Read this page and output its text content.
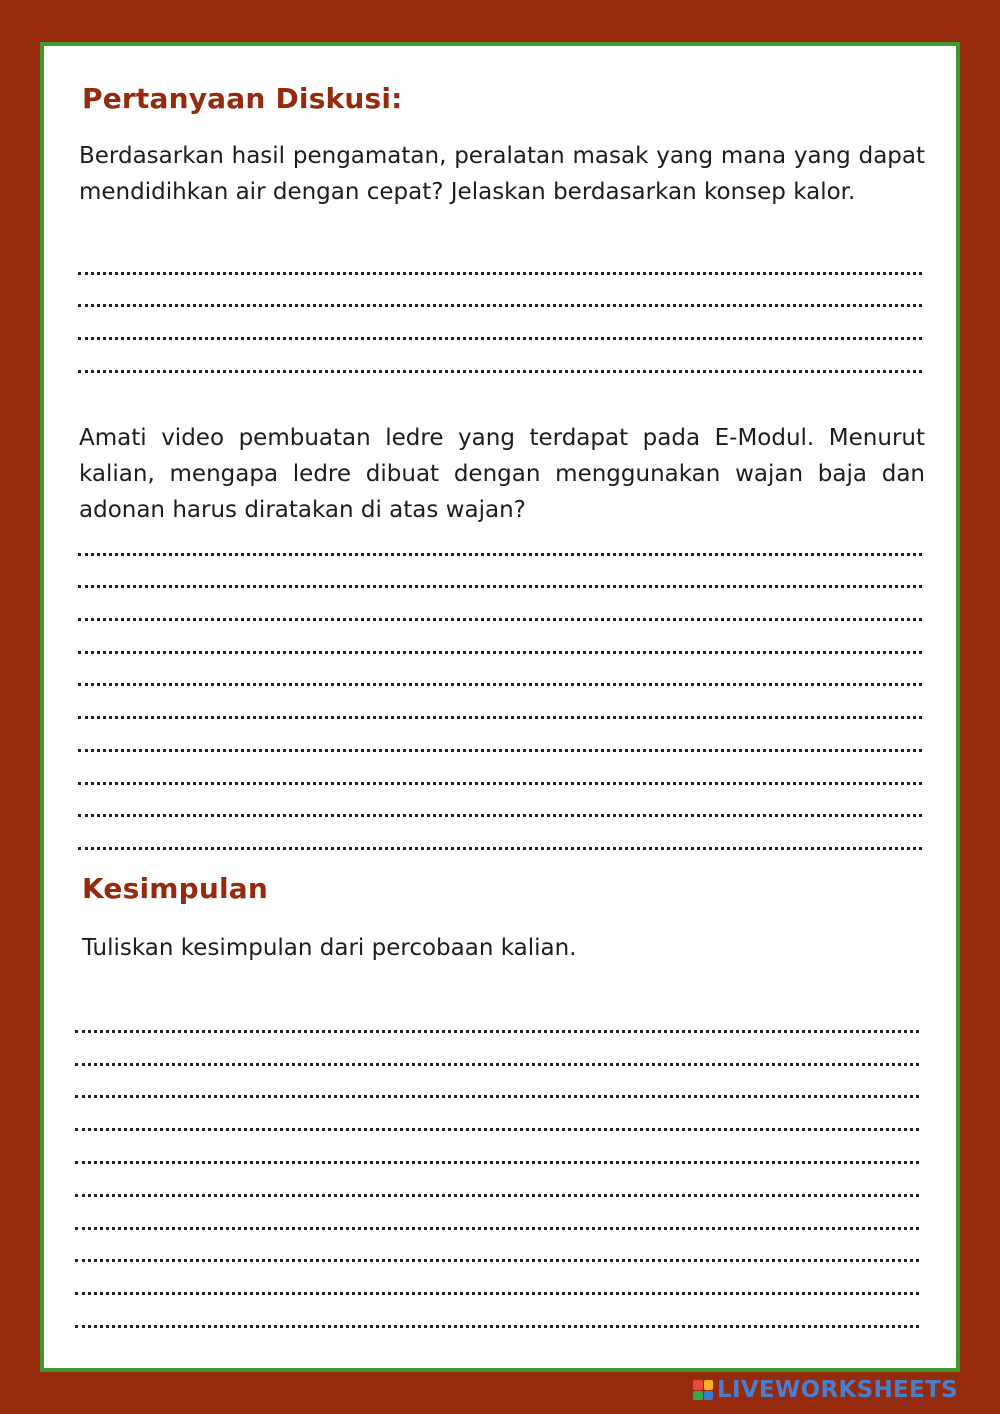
Pertanyaan Diskusi:

Berdasarkan hasil pengamatan, peralatan masak yang mana yang dapat mendidihkan air dengan cepat? Jelaskan berdasarkan konsep kalor.

Amati video pembuatan ledre yang terdapat pada E-Modul. Menurut kalian, mengapa ledre dibuat dengan menggunakan wajan baja dan adonan harus diratakan di atas wajan?

Kesimpulan

Tuliskan kesimpulan dari percobaan kalian.

LIVEWORKSHEETS
